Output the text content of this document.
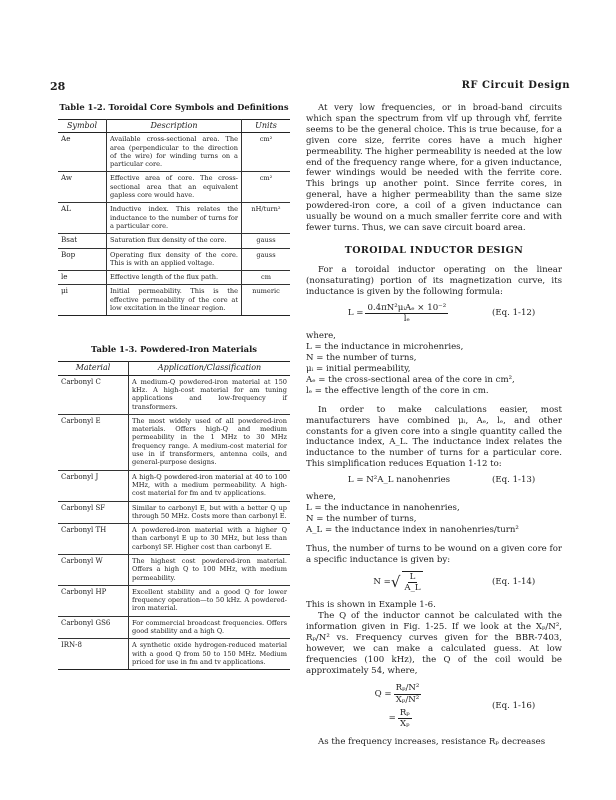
28	RF Circuit Design
Table 1-2. Toroidal Core Symbols and Definitions
Symbol	Description	Units
Ae	Available cross-sectional area. The area (perpendicular to the direction of the wire) for winding turns on a particular core.	cm²
Aw	Effective area of core. The cross-sectional area that an equivalent gapless core would have.	cm²
AL	Inductive index. This relates the inductance to the number of turns for a particular core.	nH/turn²
Bsat	Saturation flux density of the core.	gauss
Bop	Operating flux density of the core. This is with an applied voltage.	gauss
le	Effective length of the flux path.	cm
μi	Initial permeability. This is the effective permeability of the core at low excitation in the linear region.	numeric
Table 1-3. Powdered-Iron Materials
Material	Application/Classification
Carbonyl C	A medium-Q powdered-iron material at 150 kHz. A high-cost material for am tuning applications and low-frequency if transformers.
Carbonyl E	The most widely used of all powdered-iron materials. Offers high-Q and medium permeability in the 1 MHz to 30 MHz frequency range. A medium-cost material for use in if transformers, antenna coils, and general-purpose designs.
Carbonyl J	A high-Q powdered-iron material at 40 to 100 MHz, with a medium permeability. A high-cost material for fm and tv applications.
Carbonyl SF	Similar to carbonyl E, but with a better Q up through 50 MHz. Costs more than carbonyl E.
Carbonyl TH	A powdered-iron material with a higher Q than carbonyl E up to 30 MHz, but less than carbonyl SF. Higher cost than carbonyl E.
Carbonyl W	The highest cost powdered-iron material. Offers a high Q to 100 MHz, with medium permeability.
Carbonyl HP	Excellent stability and a good Q for lower frequency operation—to 50 kHz. A powdered-iron material.
Carbonyl GS6	For commercial broadcast frequencies. Offers good stability and a high Q.
IRN-8	A synthetic oxide hydrogen-reduced material with a good Q from 50 to 150 MHz. Medium priced for use in fm and tv applications.

At very low frequencies, or in broad-band circuits which span the spectrum from vlf up through vhf, ferrite seems to be the general choice. This is true because, for a given core size, ferrite cores have a much higher permeability. The higher permeability is needed at the low end of the frequency range where, for a given inductance, fewer windings would be needed with the ferrite core. This brings up another point. Since ferrite cores, in general, have a higher permeability than the same size powdered-iron core, a coil of a given inductance can usually be wound on a much smaller ferrite core and with fewer turns. Thus, we can save circuit board area.

TOROIDAL INDUCTOR DESIGN

For a toroidal inductor operating on the linear (nonsaturating) portion of its magnetization curve, its inductance is given by the following formula:

$L = \frac{\text{0.4πN²μᵢAₑ × 10⁻²}}{\text{lₑ}}$	(Eq. 1-12)

where,

L = the inductance in microhenries,
N = the number of turns,
μᵢ = initial permeability,
Aₑ = the cross-sectional area of the core in cm²,
lₑ = the effective length of the core in cm.

In order to make calculations easier, most manufacturers have combined μᵢ, Aₑ, lₑ, and other constants for a given core into a single quantity called the inductance index, A_L. The inductance index relates the inductance to the number of turns for a particular core. This simplification reduces Equation 1-12 to:

L = N²A_L nanohenries	(Eq. 1-13)

where,

L = the inductance in nanohenries,
N = the number of turns,
A_L = the inductance index in nanohenries/turn²

Thus, the number of turns to be wound on a given core for a specific inductance is given by:

N = √ $\frac{L}{A\_L}$	(Eq. 1-14)

This is shown in Example 1-6.

The Q of the inductor cannot be calculated with the information given in Fig. 1-25. If we look at the Xₚ/N², Rₚ/N² vs. Frequency curves given for the BBR-7403, however, we can make a calculated guess. At low frequencies (100 kHz), the Q of the coil would be approximately 54, where,

$Q = \frac{\text{Rₚ/N²}}{\text{Xₚ/N²}}$
= $\frac{\text{Rₚ}}{\text{Xₚ}}$
(Eq. 1-16)

As the frequency increases, resistance Rₚ decreases
